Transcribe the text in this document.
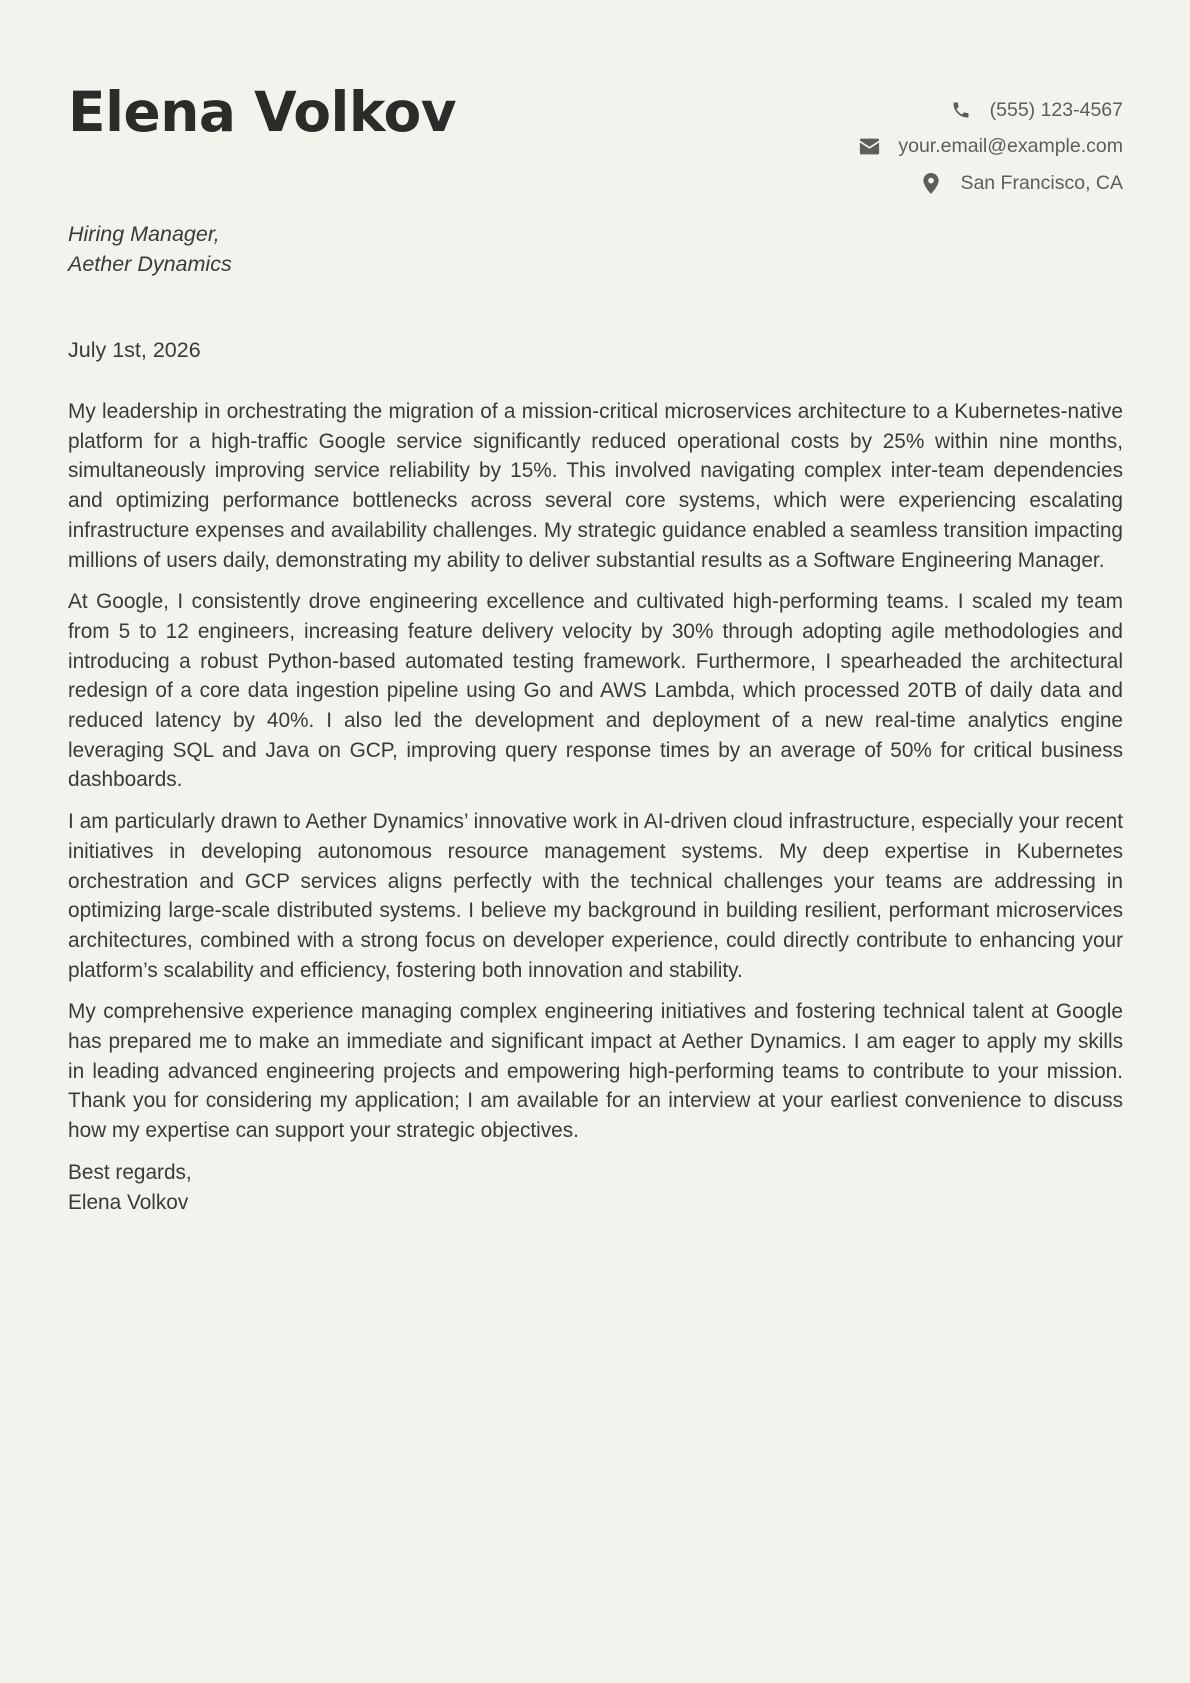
Elena Volkov	(555) 123-4567
your.email@example.com
San Francisco, CA
Hiring Manager,
Aether Dynamics
July 1st, 2026

My leadership in orchestrating the migration of a mission-critical microservices architecture to a Kubernetes-native platform for a high-traffic Google service significantly reduced operational costs by 25% within nine months, simultaneously improving service reliability by 15%. This involved navigating complex inter-team dependencies and optimizing performance bottlenecks across several core systems, which were experiencing escalating infrastructure expenses and availability challenges. My strategic guidance enabled a seamless transition impacting millions of users daily, demonstrating my ability to deliver substantial results as a Software Engineering Manager.

At Google, I consistently drove engineering excellence and cultivated high-performing teams. I scaled my team from 5 to 12 engineers, increasing feature delivery velocity by 30% through adopting agile methodologies and introducing a robust Python-based automated testing framework. Furthermore, I spearheaded the architectural redesign of a core data ingestion pipeline using Go and AWS Lambda, which processed 20TB of daily data and reduced latency by 40%. I also led the development and deployment of a new real-time analytics engine leveraging SQL and Java on GCP, improving query response times by an average of 50% for critical business dashboards.

I am particularly drawn to Aether Dynamics’ innovative work in AI-driven cloud infrastructure, especially your recent initiatives in developing autonomous resource management systems. My deep expertise in Kubernetes orchestration and GCP services aligns perfectly with the technical challenges your teams are addressing in optimizing large-scale distributed systems. I believe my background in building resilient, performant microservices architectures, combined with a strong focus on developer experience, could directly contribute to enhancing your platform’s scalability and efficiency, fostering both innovation and stability.

My comprehensive experience managing complex engineering initiatives and fostering technical talent at Google has prepared me to make an immediate and significant impact at Aether Dynamics. I am eager to apply my skills in leading advanced engineering projects and empowering high-performing teams to contribute to your mission. Thank you for considering my application; I am available for an interview at your earliest convenience to discuss how my expertise can support your strategic objectives.

Best regards,
Elena Volkov
